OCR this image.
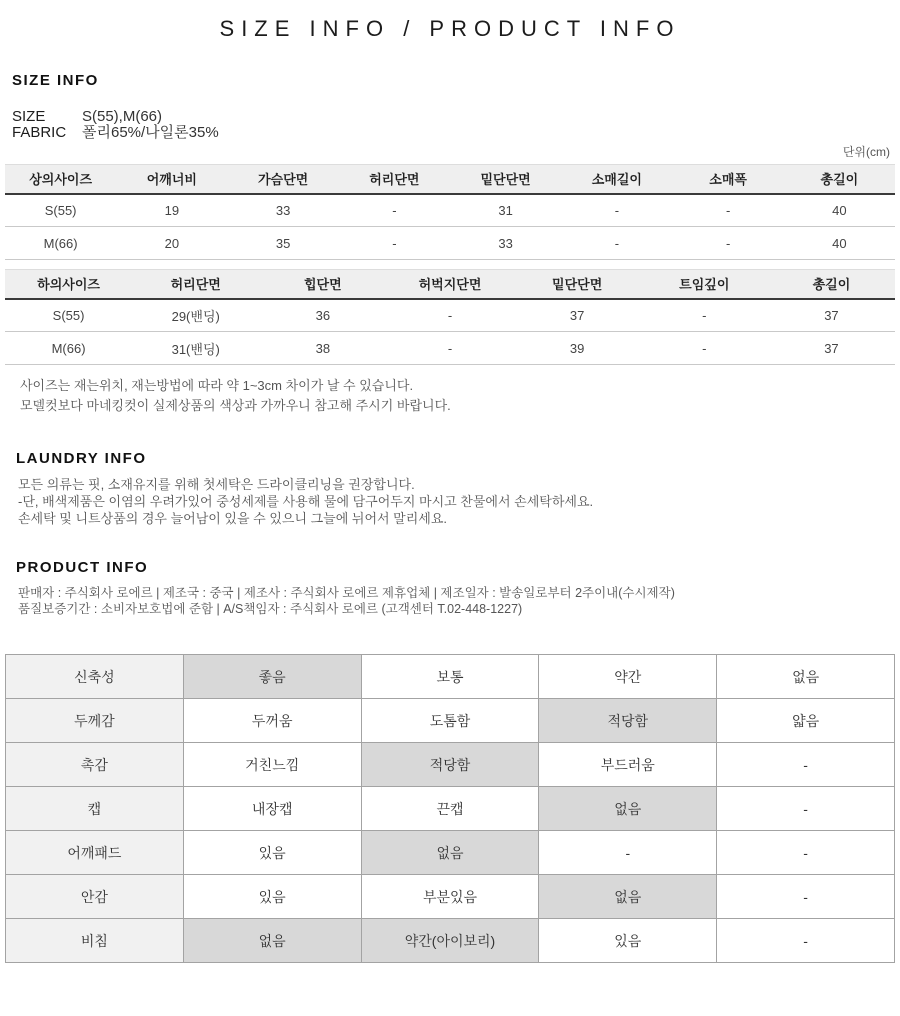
SIZE INFO / PRODUCT INFO
SIZE INFO
SIZE	S(55),M(66)
FABRIC	폴리65%/나일론35%
단위(cm)
상의사이즈	어깨너비	가슴단면	허리단면	밑단단면	소매길이	소매폭	총길이
S(55)	19	33	-	31	-	-	40
M(66)	20	35	-	33	-	-	40
하의사이즈	허리단면	힙단면	허벅지단면	밑단단면	트임깊이	총길이
S(55)	29(밴딩)	36	-	37	-	37
M(66)	31(밴딩)	38	-	39	-	37
사이즈는 재는위치, 재는방법에 따라 약 1~3cm 차이가 날 수 있습니다.
모델컷보다 마네킹컷이 실제상품의 색상과 가까우니 참고해 주시기 바랍니다.
LAUNDRY INFO
모든 의류는 핏, 소재유지를 위해 첫세탁은 드라이클리닝을 권장합니다.
-단, 배색제품은 이염의 우려가있어 중성세제를 사용해 물에 담구어두지 마시고 찬물에서 손세탁하세요.
손세탁 및 니트상품의 경우 늘어남이 있을 수 있으니 그늘에 뉘어서 말리세요.
PRODUCT INFO
판매자 : 주식회사 로에르 | 제조국 : 중국 | 제조사 : 주식회사 로에르 제휴업체 | 제조일자 : 발송일로부터 2주이내(수시제작)
품질보증기간 : 소비자보호법에 준함 | A/S책임자 : 주식회사 로에르 (고객센터 T.02-448-1227)
신축성	좋음	보통	약간	없음
두께감	두꺼움	도톰함	적당함	얇음
촉감	거친느낌	적당함	부드러움	-
캡	내장캡	끈캡	없음	-
어깨패드	있음	없음	-	-
안감	있음	부분있음	없음	-
비침	없음	약간(아이보리)	있음	-
